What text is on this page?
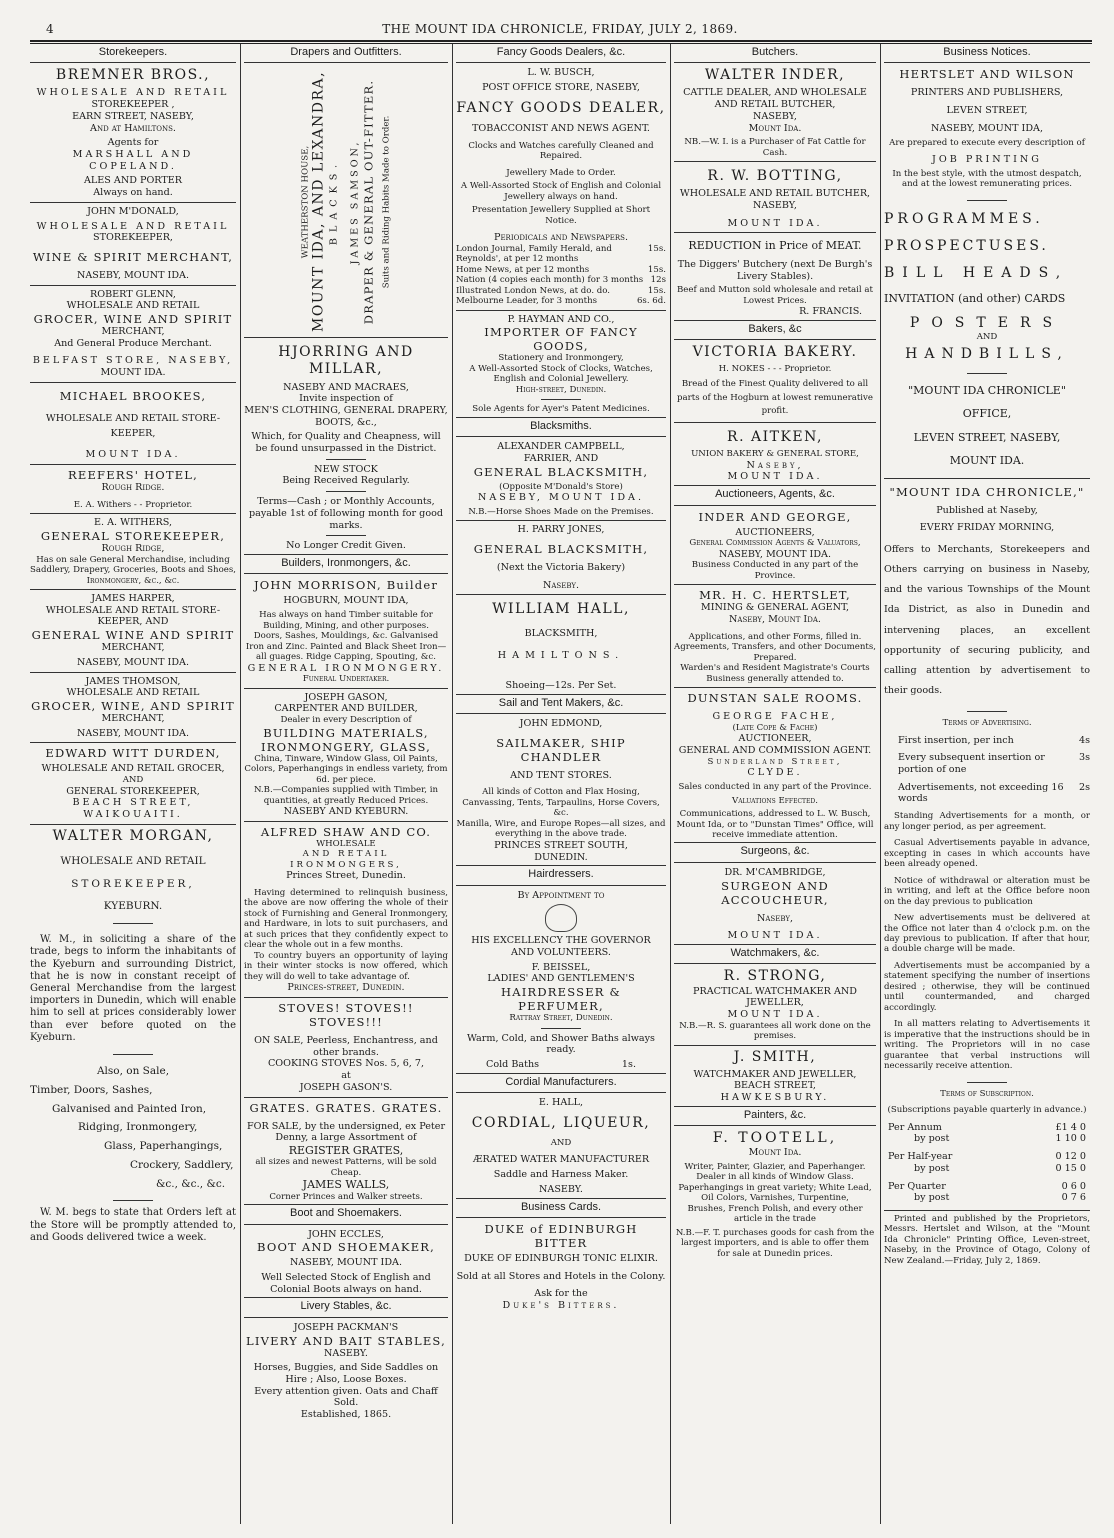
4	THE MOUNT IDA CHRONICLE, FRIDAY, JULY 2, 1869.
Storekeepers.
BREMNER BROS.,
WHOLESALE AND RETAIL
STOREKEEPER ,
EARN STREET, NASEBY,
And at Hamiltons.
Agents for
MARSHALL AND COPELAND.
ALES AND PORTER
Always on hand.
JOHN M'DONALD,
WHOLESALE AND RETAIL
STOREKEEPER,
WINE & SPIRIT MERCHANT,
NASEBY, MOUNT IDA.
ROBERT GLENN,
WHOLESALE AND RETAIL
GROCER, WINE AND SPIRIT
MERCHANT,
And General Produce Merchant.
BELFAST STORE, NASEBY,
MOUNT IDA.
MICHAEL BROOKES,
WHOLESALE AND RETAIL STORE-
KEEPER,
MOUNT IDA.
REEFERS' HOTEL,
Rough Ridge.
E. A. Withers - - Proprietor.
E. A. WITHERS,
GENERAL STOREKEEPER,
Rough Ridge,
Has on sale General Merchandise, including Saddlery, Drapery, Groceries, Boots and Shoes,
Ironmongery, &c., &c.
JAMES HARPER,
WHOLESALE AND RETAIL STORE-
KEEPER, AND
GENERAL WINE AND SPIRIT
MERCHANT,
NASEBY, MOUNT IDA.
JAMES THOMSON,
WHOLESALE AND RETAIL
GROCER, WINE, AND SPIRIT
MERCHANT,
NASEBY, MOUNT IDA.
EDWARD WITT DURDEN,
WHOLESALE AND RETAIL GROCER,
AND
GENERAL STOREKEEPER,
BEACH STREET, WAIKOUAITI.
WALTER MORGAN,
WHOLESALE AND RETAIL
STOREKEEPER,
KYEBURN.
W. M., in soliciting a share of the trade, begs to inform the inhabitants of the Kyeburn and surrounding District, that he is now in constant receipt of General Merchandise from the largest importers in Dunedin, which will enable him to sell at prices considerably lower than ever before quoted on the Kyeburn.
Also, on Sale,
Timber, Doors, Sashes,
Galvanised and Painted Iron,
Ridging, Ironmongery,
Glass, Paperhangings,
Crockery, Saddlery,
&c., &c., &c.
W. M. begs to state that Orders left at the Store will be promptly attended to, and Goods delivered twice a week.
Drapers and Outfitters.
WEATHERSTON HOUSE, MOUNT IDA, AND LEXANDRA, BLACKS. JAMES SAMSON, DRAPER & GENERAL OUT-FITTER. Suits and Riding Habits Made to Order.
HJORRING AND MILLAR,
NASEBY AND MACRAES,
Invite inspection of
MEN'S CLOTHING, GENERAL DRAPERY, BOOTS, &c.,
Which, for Quality and Cheapness, will be found unsurpassed in the District.
NEW STOCK
Being Received Regularly.
Terms—Cash ; or Monthly Accounts, payable 1st of following month for good marks.
No Longer Credit Given.
Builders, Ironmongers, &c.
JOHN MORRISON, Builder
HOGBURN, MOUNT IDA,
Has always on hand Timber suitable for Building, Mining, and other purposes.
Doors, Sashes, Mouldings, &c. Galvanised Iron and Zinc. Painted and Black Sheet Iron—all guages. Ridge Capping, Spouting, &c.
GENERAL IRONMONGERY.
Funeral Undertaker.
JOSEPH GASON,
CARPENTER AND BUILDER,
Dealer in every Description of
BUILDING MATERIALS,
IRONMONGERY, GLASS,
China, Tinware, Window Glass, Oil Paints, Colors, Paperhangings in endless variety, from 6d. per piece.
N.B.—Companies supplied with Timber, in quantities, at greatly Reduced Prices.
NASEBY AND KYEBURN.
ALFRED SHAW AND CO.
WHOLESALE
AND RETAIL IRONMONGERS,
Princes Street, Dunedin.
Having determined to relinquish business, the above are now offering the whole of their stock of Furnishing and General Ironmongery, and Hardware, in lots to suit purchasers, and at such prices that they confidently expect to clear the whole out in a few months.
To country buyers an opportunity of laying in their winter stocks is now offered, which they will do well to take advantage of.
Princes-street, Dunedin.
STOVES! STOVES!! STOVES!!!
ON SALE, Peerless, Enchantress, and other brands.
COOKING STOVES Nos. 5, 6, 7,
at
JOSEPH GASON'S.
GRATES. GRATES. GRATES.
FOR SALE, by the undersigned, ex Peter Denny, a large Assortment of
REGISTER GRATES,
all sizes and newest Patterns, will be sold Cheap.
JAMES WALLS,
Corner Princes and Walker streets.
Boot and Shoemakers.
JOHN ECCLES,
BOOT AND SHOEMAKER,
NASEBY, MOUNT IDA.
Well Selected Stock of English and Colonial Boots always on hand.
Livery Stables, &c.
JOSEPH PACKMAN'S
LIVERY AND BAIT STABLES,
NASEBY.
Horses, Buggies, and Side Saddles on Hire ; Also, Loose Boxes.
Every attention given. Oats and Chaff Sold.
Established, 1865.
Fancy Goods Dealers, &c.
L. W. BUSCH,
POST OFFICE STORE, NASEBY,
FANCY GOODS DEALER,
TOBACCONIST AND NEWS AGENT.
Clocks and Watches carefully Cleaned and Repaired.
Jewellery Made to Order.
A Well-Assorted Stock of English and Colonial Jewellery always on hand.
Presentation Jewellery Supplied at Short Notice.
Periodicals and Newspapers.
London Journal, Family Herald, and Reynolds', at per 12 months
15s.
Home News, at per 12 months	15s.
Nation (4 copies each month) for 3 months 12s
Illustrated London News, at do. do.	15s.
Melbourne Leader, for 3 months	6s. 6d.
P. HAYMAN AND CO.,
IMPORTER OF FANCY GOODS,
Stationery and Ironmongery,
A Well-Assorted Stock of Clocks, Watches, English and Colonial Jewellery.
High-street, Dunedin.
Sole Agents for Ayer's Patent Medicines.
Blacksmiths.
ALEXANDER CAMPBELL,
FARRIER, AND
GENERAL BLACKSMITH,
(Opposite M'Donald's Store)
NASEBY, MOUNT IDA.
N.B.—Horse Shoes Made on the Premises.
H. PARRY JONES,
GENERAL BLACKSMITH,
(Next the Victoria Bakery)
Naseby.
WILLIAM HALL,
BLACKSMITH,
HAMILTONS.
Shoeing—12s. Per Set.
Sail and Tent Makers, &c.
JOHN EDMOND,
SAILMAKER, SHIP CHANDLER
AND TENT STORES.
All kinds of Cotton and Flax Hosing, Canvassing, Tents, Tarpaulins, Horse Covers, &c.
Manilla, Wire, and Europe Ropes—all sizes, and everything in the above trade.
PRINCES STREET SOUTH,
DUNEDIN.
Hairdressers.
By Appointment to
HIS EXCELLENCY THE GOVERNOR
AND VOLUNTEERS.
F. BEISSEL,
LADIES' AND GENTLEMEN'S
HAIRDRESSER & PERFUMER,
Rattray Street, Dunedin.
Warm, Cold, and Shower Baths always ready.
Cold Baths	1s.
Cordial Manufacturers.
E. HALL,
CORDIAL, LIQUEUR,
AND
ÆRATED WATER MANUFACTURER
Saddle and Harness Maker.
NASEBY.
Business Cards.
DUKE of EDINBURGH BITTER
DUKE OF EDINBURGH TONIC ELIXIR.
Sold at all Stores and Hotels in the Colony.
Ask for the
Duke's Bitters.
Butchers.
WALTER INDER,
CATTLE DEALER, AND WHOLESALE AND RETAIL BUTCHER,
NASEBY,
Mount Ida.
NB.—W. I. is a Purchaser of Fat Cattle for Cash.
R. W. BOTTING,
WHOLESALE AND RETAIL BUTCHER,
NASEBY,
MOUNT IDA.
REDUCTION in Price of MEAT.
The Diggers' Butchery (next De Burgh's Livery Stables).
Beef and Mutton sold wholesale and retail at Lowest Prices.
R. FRANCIS.
Bakers, &c
VICTORIA BAKERY.
H. NOKES - - - Proprietor.
Bread of the Finest Quality delivered to all parts of the Hogburn at lowest remunerative profit.
R. AITKEN,
UNION BAKERY & GENERAL STORE,
Naseby,
MOUNT IDA.
Auctioneers, Agents, &c.
INDER AND GEORGE,
AUCTIONEERS,
General Commission Agents & Valuators,
NASEBY, MOUNT IDA.
Business Conducted in any part of the Province.
MR. H. C. HERTSLET,
MINING & GENERAL AGENT,
Naseby, Mount Ida.
Applications, and other Forms, filled in. Agreements, Transfers, and other Documents, Prepared.
Warden's and Resident Magistrate's Courts Business generally attended to.
DUNSTAN SALE ROOMS.
GEORGE FACHE,
(Late Cope & Fache)
AUCTIONEER,
GENERAL AND COMMISSION AGENT.
Sunderland Street,
CLYDE.
Sales conducted in any part of the Province.
Valuations Effected.
Communications, addressed to L. W. Busch, Mount Ida, or to "Dunstan Times" Office, will receive immediate attention.
Surgeons, &c.
DR. M'CAMBRIDGE,
SURGEON AND ACCOUCHEUR,
Naseby,
MOUNT IDA.
Watchmakers, &c.
R. STRONG,
PRACTICAL WATCHMAKER AND JEWELLER,
MOUNT IDA.
N.B.—R. S. guarantees all work done on the premises.
J. SMITH,
WATCHMAKER AND JEWELLER,
BEACH STREET,
HAWKESBURY.
Painters, &c.
F. TOOTELL,
Mount Ida.
Writer, Painter, Glazier, and Paperhanger. Dealer in all kinds of Window Glass.
Paperhangings in great variety; White Lead, Oil Colors, Varnishes, Turpentine,
Brushes, French Polish, and every other article in the trade
N.B.—F. T. purchases goods for cash from the largest importers, and is able to offer them for sale at Dunedin prices.
Business Notices.
HERTSLET AND WILSON
PRINTERS AND PUBLISHERS,
LEVEN STREET,
NASEBY, MOUNT IDA,
Are prepared to execute every description of
JOB PRINTING
In the best style, with the utmost despatch, and at the lowest remunerating prices.
PROGRAMMES.
PROSPECTUSES.
BILL HEADS,
INVITATION (and other) CARDS
POSTERS
AND
HANDBILLS,
"MOUNT IDA CHRONICLE"
OFFICE,
LEVEN STREET, NASEBY,
MOUNT IDA.
"MOUNT IDA CHRONICLE,"
Published at Naseby,
EVERY FRIDAY MORNING,
Offers to Merchants, Storekeepers and Others carrying on business in Naseby, and the various Townships of the Mount Ida District, as also in Dunedin and intervening places, an excellent opportunity of securing publicity, and calling attention by advertisement to their goods.
Terms of Advertising.
First insertion, per inch	4s
Every subsequent insertion or portion of one
3s
Advertisements, not exceeding 16 words
2s
Standing Advertisements for a month, or any longer period, as per agreement.
Casual Advertisements payable in advance, excepting in cases in which accounts have been already opened.
Notice of withdrawal or alteration must be in writing, and left at the Office before noon on the day previous to publication
New advertisements must be delivered at the Office not later than 4 o'clock p.m. on the day previous to publication. If after that hour, a double charge will be made.
Advertisements must be accompanied by a statement specifying the number of insertions desired ; otherwise, they will be continued until countermanded, and charged accordingly.
In all matters relating to Advertisements it is imperative that the instructions should be in writing. The Proprietors will in no case guarantee that verbal instructions will necessarily receive attention.
Terms of Subscription.
(Subscriptions payable quarterly in advance.)
Per Annum	£1 4 0
by post	1 10 0
Per Half-year	0 12 0
by post	0 15 0
Per Quarter	0 6 0
by post	0 7 6
Printed and published by the Proprietors, Messrs. Hertslet and Wilson, at the "Mount Ida Chronicle" Printing Office, Leven-street, Naseby, in the Province of Otago, Colony of New Zealand.—Friday, July 2, 1869.
